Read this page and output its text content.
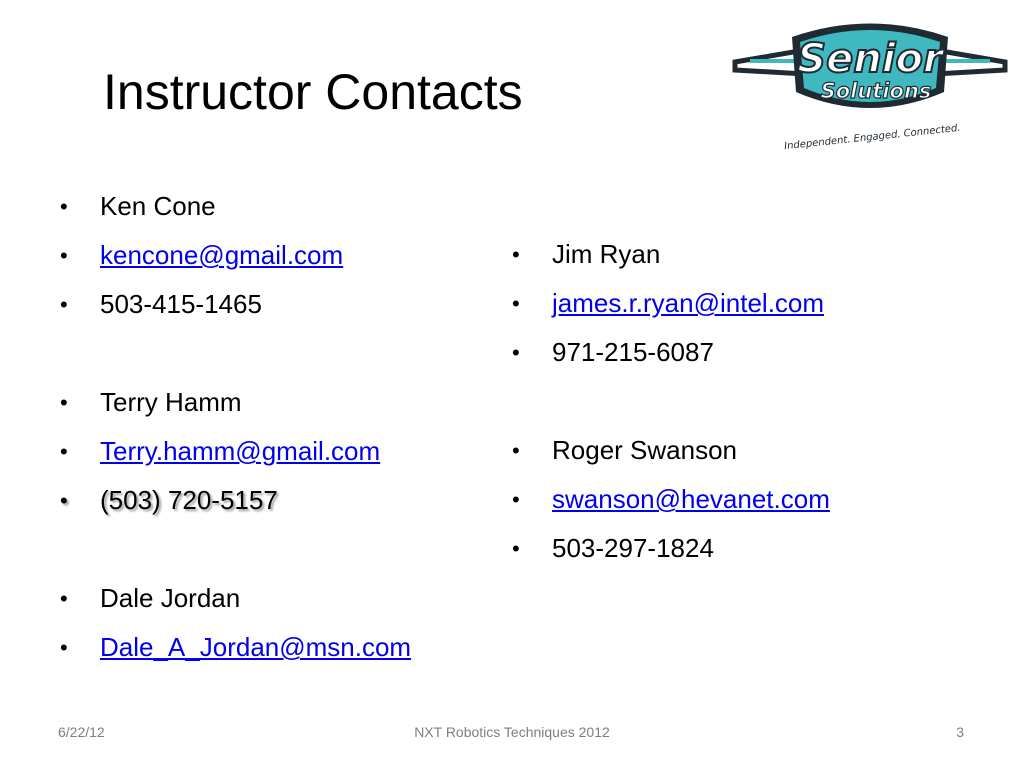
Instructor Contacts
Senior
Solutions
Independent. Engaged. Connected.
• Ken Cone
• kencone@gmail.com
• 503-415-1465
• Terry Hamm
• Terry.hamm@gmail.com
• (503) 720-5157
• Dale Jordan
• Dale_A_Jordan@msn.com
• Jim Ryan
• james.r.ryan@intel.com
• 971-215-6087
• Roger Swanson
• swanson@hevanet.com
• 503-297-1824
6/22/12	NXT Robotics Techniques 2012	3
